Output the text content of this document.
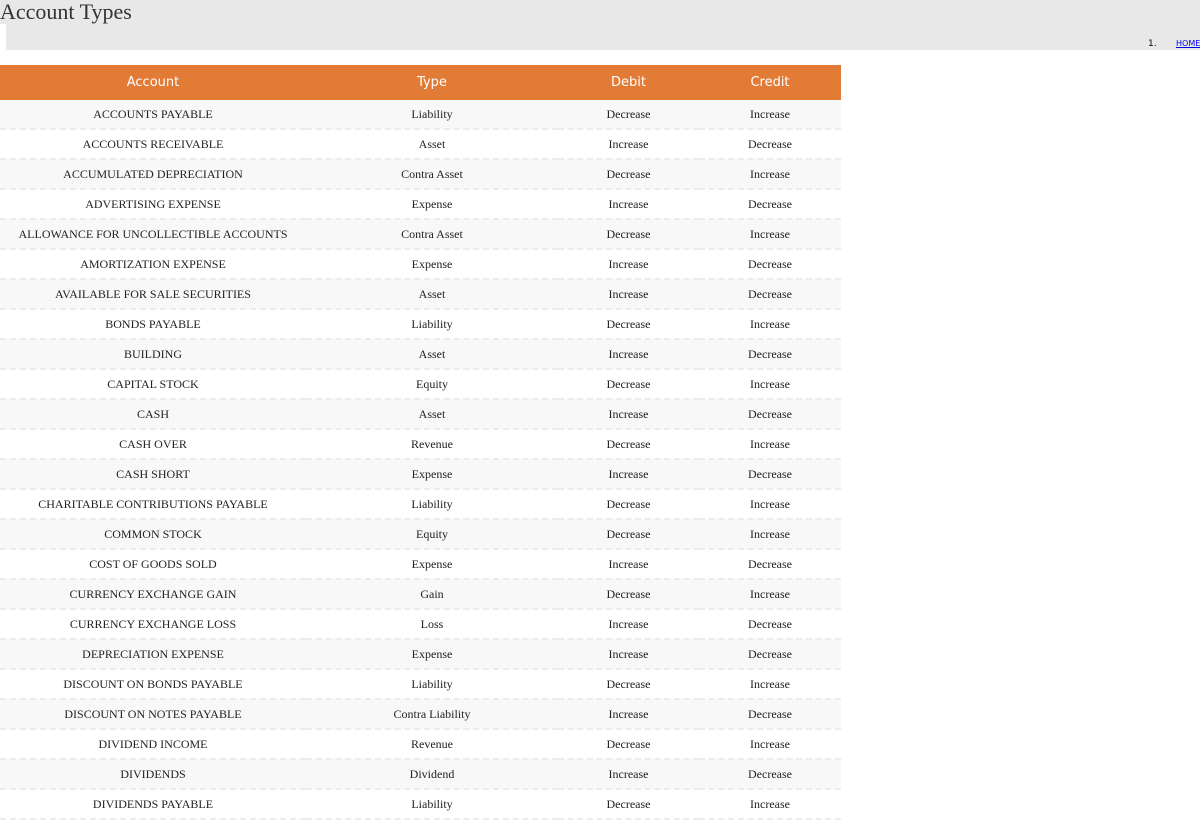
Account Types
1. HOME
Account	Type	Debit	Credit
ACCOUNTS PAYABLE	Liability	Decrease	Increase
ACCOUNTS RECEIVABLE	Asset	Increase	Decrease
ACCUMULATED DEPRECIATION	Contra Asset	Decrease	Increase
ADVERTISING EXPENSE	Expense	Increase	Decrease
ALLOWANCE FOR UNCOLLECTIBLE ACCOUNTS	Contra Asset	Decrease	Increase
AMORTIZATION EXPENSE	Expense	Increase	Decrease
AVAILABLE FOR SALE SECURITIES	Asset	Increase	Decrease
BONDS PAYABLE	Liability	Decrease	Increase
BUILDING	Asset	Increase	Decrease
CAPITAL STOCK	Equity	Decrease	Increase
CASH	Asset	Increase	Decrease
CASH OVER	Revenue	Decrease	Increase
CASH SHORT	Expense	Increase	Decrease
CHARITABLE CONTRIBUTIONS PAYABLE	Liability	Decrease	Increase
COMMON STOCK	Equity	Decrease	Increase
COST OF GOODS SOLD	Expense	Increase	Decrease
CURRENCY EXCHANGE GAIN	Gain	Decrease	Increase
CURRENCY EXCHANGE LOSS	Loss	Increase	Decrease
DEPRECIATION EXPENSE	Expense	Increase	Decrease
DISCOUNT ON BONDS PAYABLE	Liability	Decrease	Increase
DISCOUNT ON NOTES PAYABLE	Contra Liability	Increase	Decrease
DIVIDEND INCOME	Revenue	Decrease	Increase
DIVIDENDS	Dividend	Increase	Decrease
DIVIDENDS PAYABLE	Liability	Decrease	Increase
